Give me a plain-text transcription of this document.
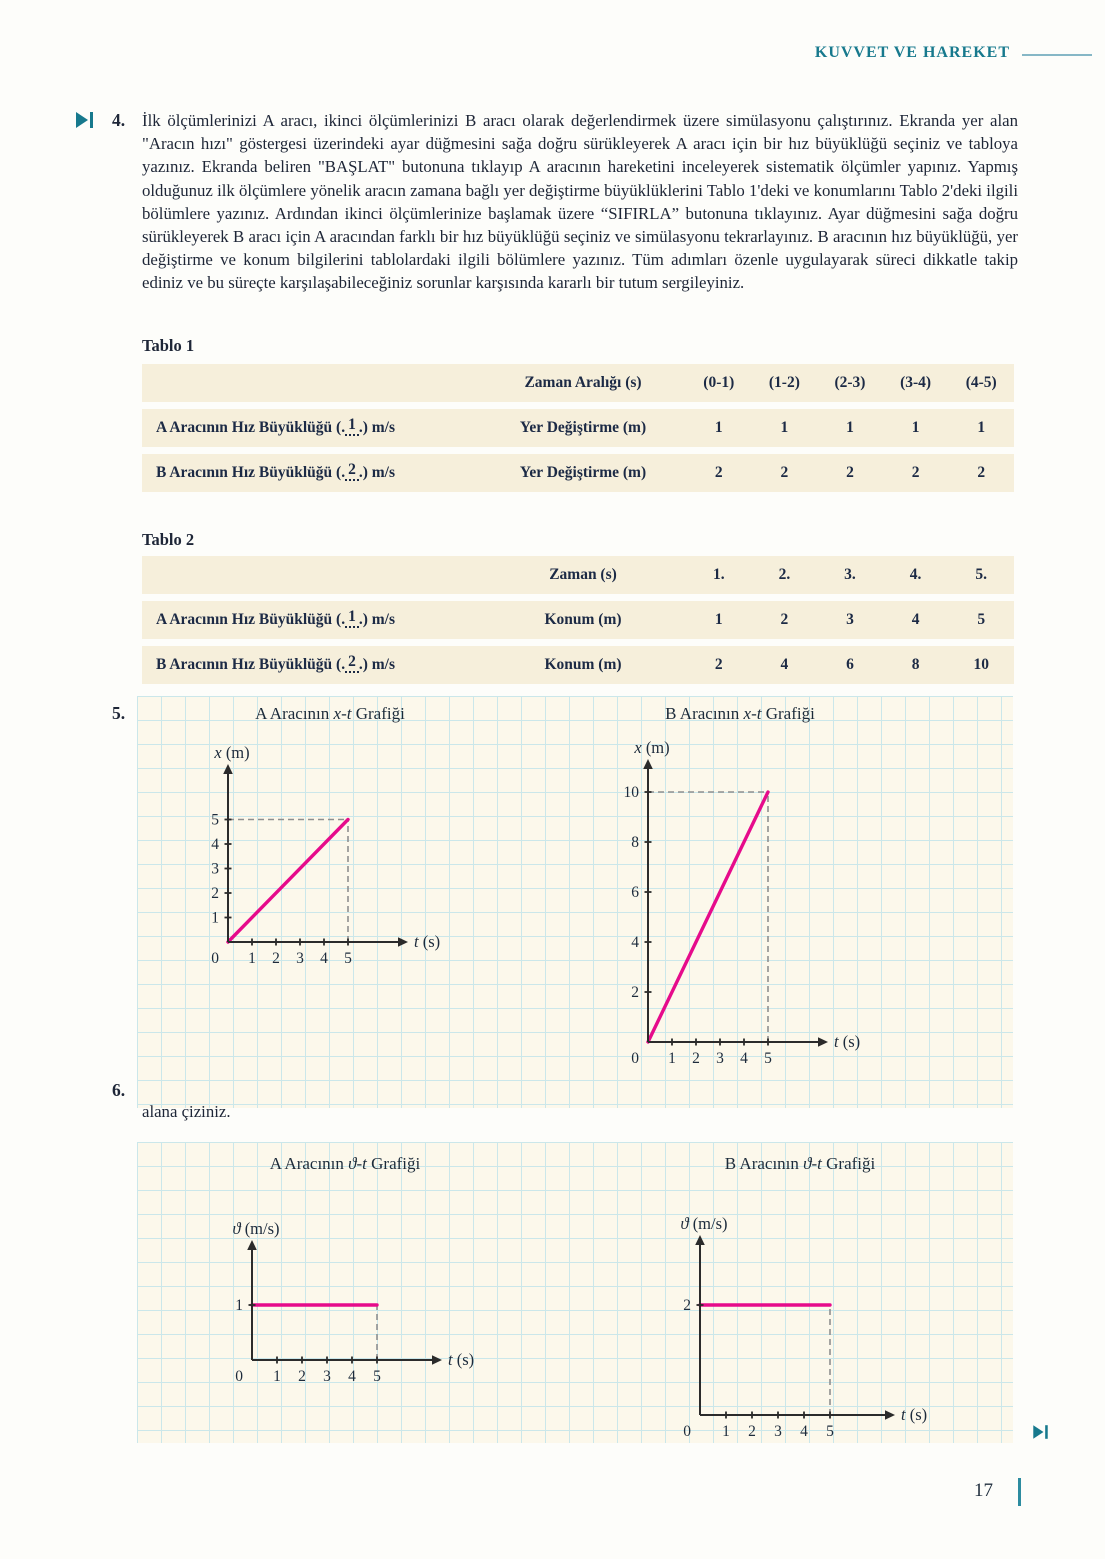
KUVVET VE HAREKET
4. İlk ölçümlerinizi A aracı, ikinci ölçümlerinizi B aracı olarak değerlendirmek üzere simülasyonu çalıştırınız. Ekranda yer alan "Aracın hızı" göstergesi üzerindeki ayar düğmesini sağa doğru sürükleyerek A aracı için bir hız büyüklüğü seçiniz ve tabloya yazınız. Ekranda beliren "BAŞLAT" butonuna tıklayıp A aracının hareketini inceleyerek sistematik ölçümler yapınız. Yapmış olduğunuz ilk ölçümlere yönelik aracın zamana bağlı yer değiştirme büyüklüklerini Tablo 1'deki ve konumlarını Tablo 2'deki ilgili bölümlere yazınız. Ardından ikinci ölçümlerinize başlamak üzere “SIFIRLA” butonuna tıklayınız. Ayar düğmesini sağa doğru sürükleyerek B aracı için A aracından farklı bir hız büyüklüğü seçiniz ve simülasyonu tekrarlayınız. B aracının hız büyüklüğü, yer değiştirme ve konum bilgilerini tablolardaki ilgili bölümlere yazınız. Tüm adımları özenle uygulayarak süreci dikkatle takip ediniz ve bu süreçte karşılaşabileceğiniz sorunlar karşısında kararlı bir tutum sergileyiniz.
Tablo 1
Zaman Aralığı (s)	(0-1)	(1-2)	(2-3)	(3-4)	(4-5)
A Aracının Hız Büyüklüğü (. 1 .) m/s	Yer Değiştirme (m)	1	1	1	1	1
B Aracının Hız Büyüklüğü (. 2 .) m/s	Yer Değiştirme (m)	2	2	2	2	2
Tablo 2
Zaman (s)	1.	2.	3.	4.	5.
A Aracının Hız Büyüklüğü (. 1 .) m/s	Konum (m)	1	2	3	4	5
B Aracının Hız Büyüklüğü (. 2 .) m/s	Konum (m)	2	4	6	8	10
5.	A Aracının x-t Grafiği	B Aracının x-t Grafiği
1 2 3 4 5
1
2
3
4
5
0
x (m)
t (s)
1 2 3 4 5
2
4
6
8
10
0
x (m)
t (s)
6.
alana çiziniz.
A Aracının ϑ-t Grafiği	B Aracının ϑ-t Grafiği
1 2 3 4 5
1
0
ϑ (m/s)
t (s)
1 2 3 4 5
2
0
ϑ (m/s)
t (s)
17
